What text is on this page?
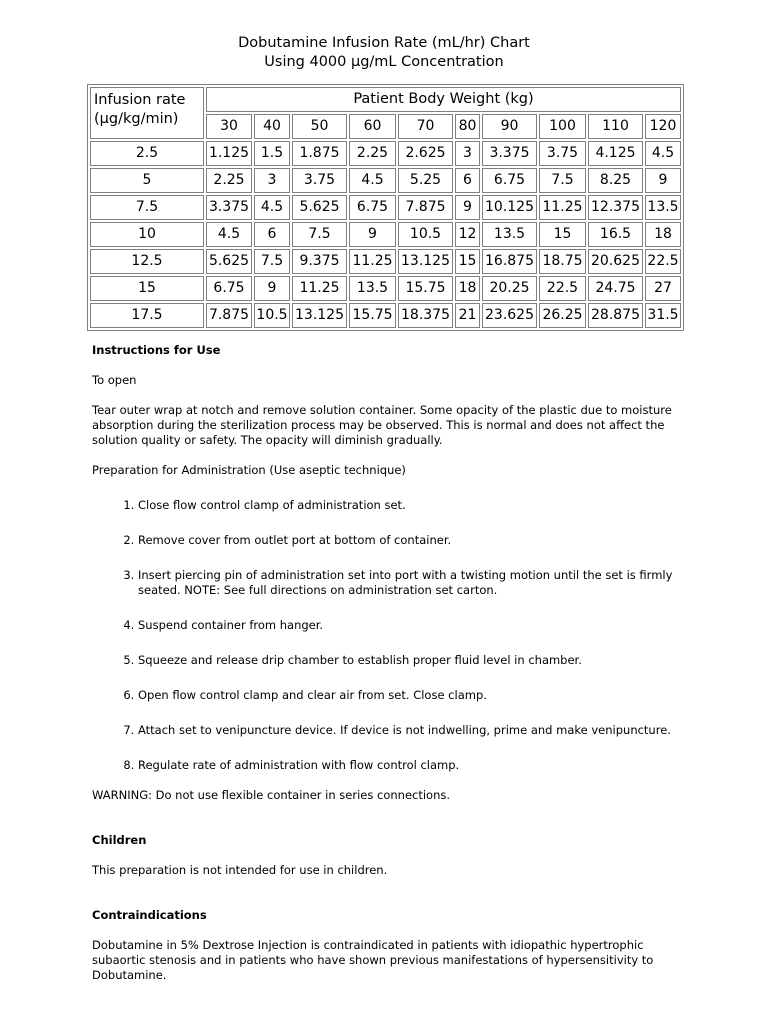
Dobutamine Infusion Rate (mL/hr) Chart
Using 4000 µg/mL Concentration
Infusion rate (µg/kg/min)	Patient Body Weight (kg)									
	30	40	50	60	70	80	90	100	110	120
2.5	1.125	1.5	1.875	2.25	2.625	3	3.375	3.75	4.125	4.5
5	2.25	3	3.75	4.5	5.25	6	6.75	7.5	8.25	9
7.5	3.375	4.5	5.625	6.75	7.875	9	10.125	11.25	12.375	13.5
10	4.5	6	7.5	9	10.5	12	13.5	15	16.5	18
12.5	5.625	7.5	9.375	11.25	13.125	15	16.875	18.75	20.625	22.5
15	6.75	9	11.25	13.5	15.75	18	20.25	22.5	24.75	27
17.5	7.875	10.5	13.125	15.75	18.375	21	23.625	26.25	28.875	31.5

Instructions for Use

To open

Tear outer wrap at notch and remove solution container. Some opacity of the plastic due to moisture absorption during the sterilization process may be observed. This is normal and does not affect the solution quality or safety. The opacity will diminish gradually.

Preparation for Administration (Use aseptic technique)

1. Close flow control clamp of administration set.
2. Remove cover from outlet port at bottom of container.
3. Insert piercing pin of administration set into port with a twisting motion until the set is firmly seated. NOTE: See full directions on administration set carton.
4. Suspend container from hanger.
5. Squeeze and release drip chamber to establish proper fluid level in chamber.
6. Open flow control clamp and clear air from set. Close clamp.
7. Attach set to venipuncture device. If device is not indwelling, prime and make venipuncture.
8. Regulate rate of administration with flow control clamp.

WARNING: Do not use flexible container in series connections.

Children

This preparation is not intended for use in children.

Contraindications

Dobutamine in 5% Dextrose Injection is contraindicated in patients with idiopathic hypertrophic subaortic stenosis and in patients who have shown previous manifestations of hypersensitivity to Dobutamine.
